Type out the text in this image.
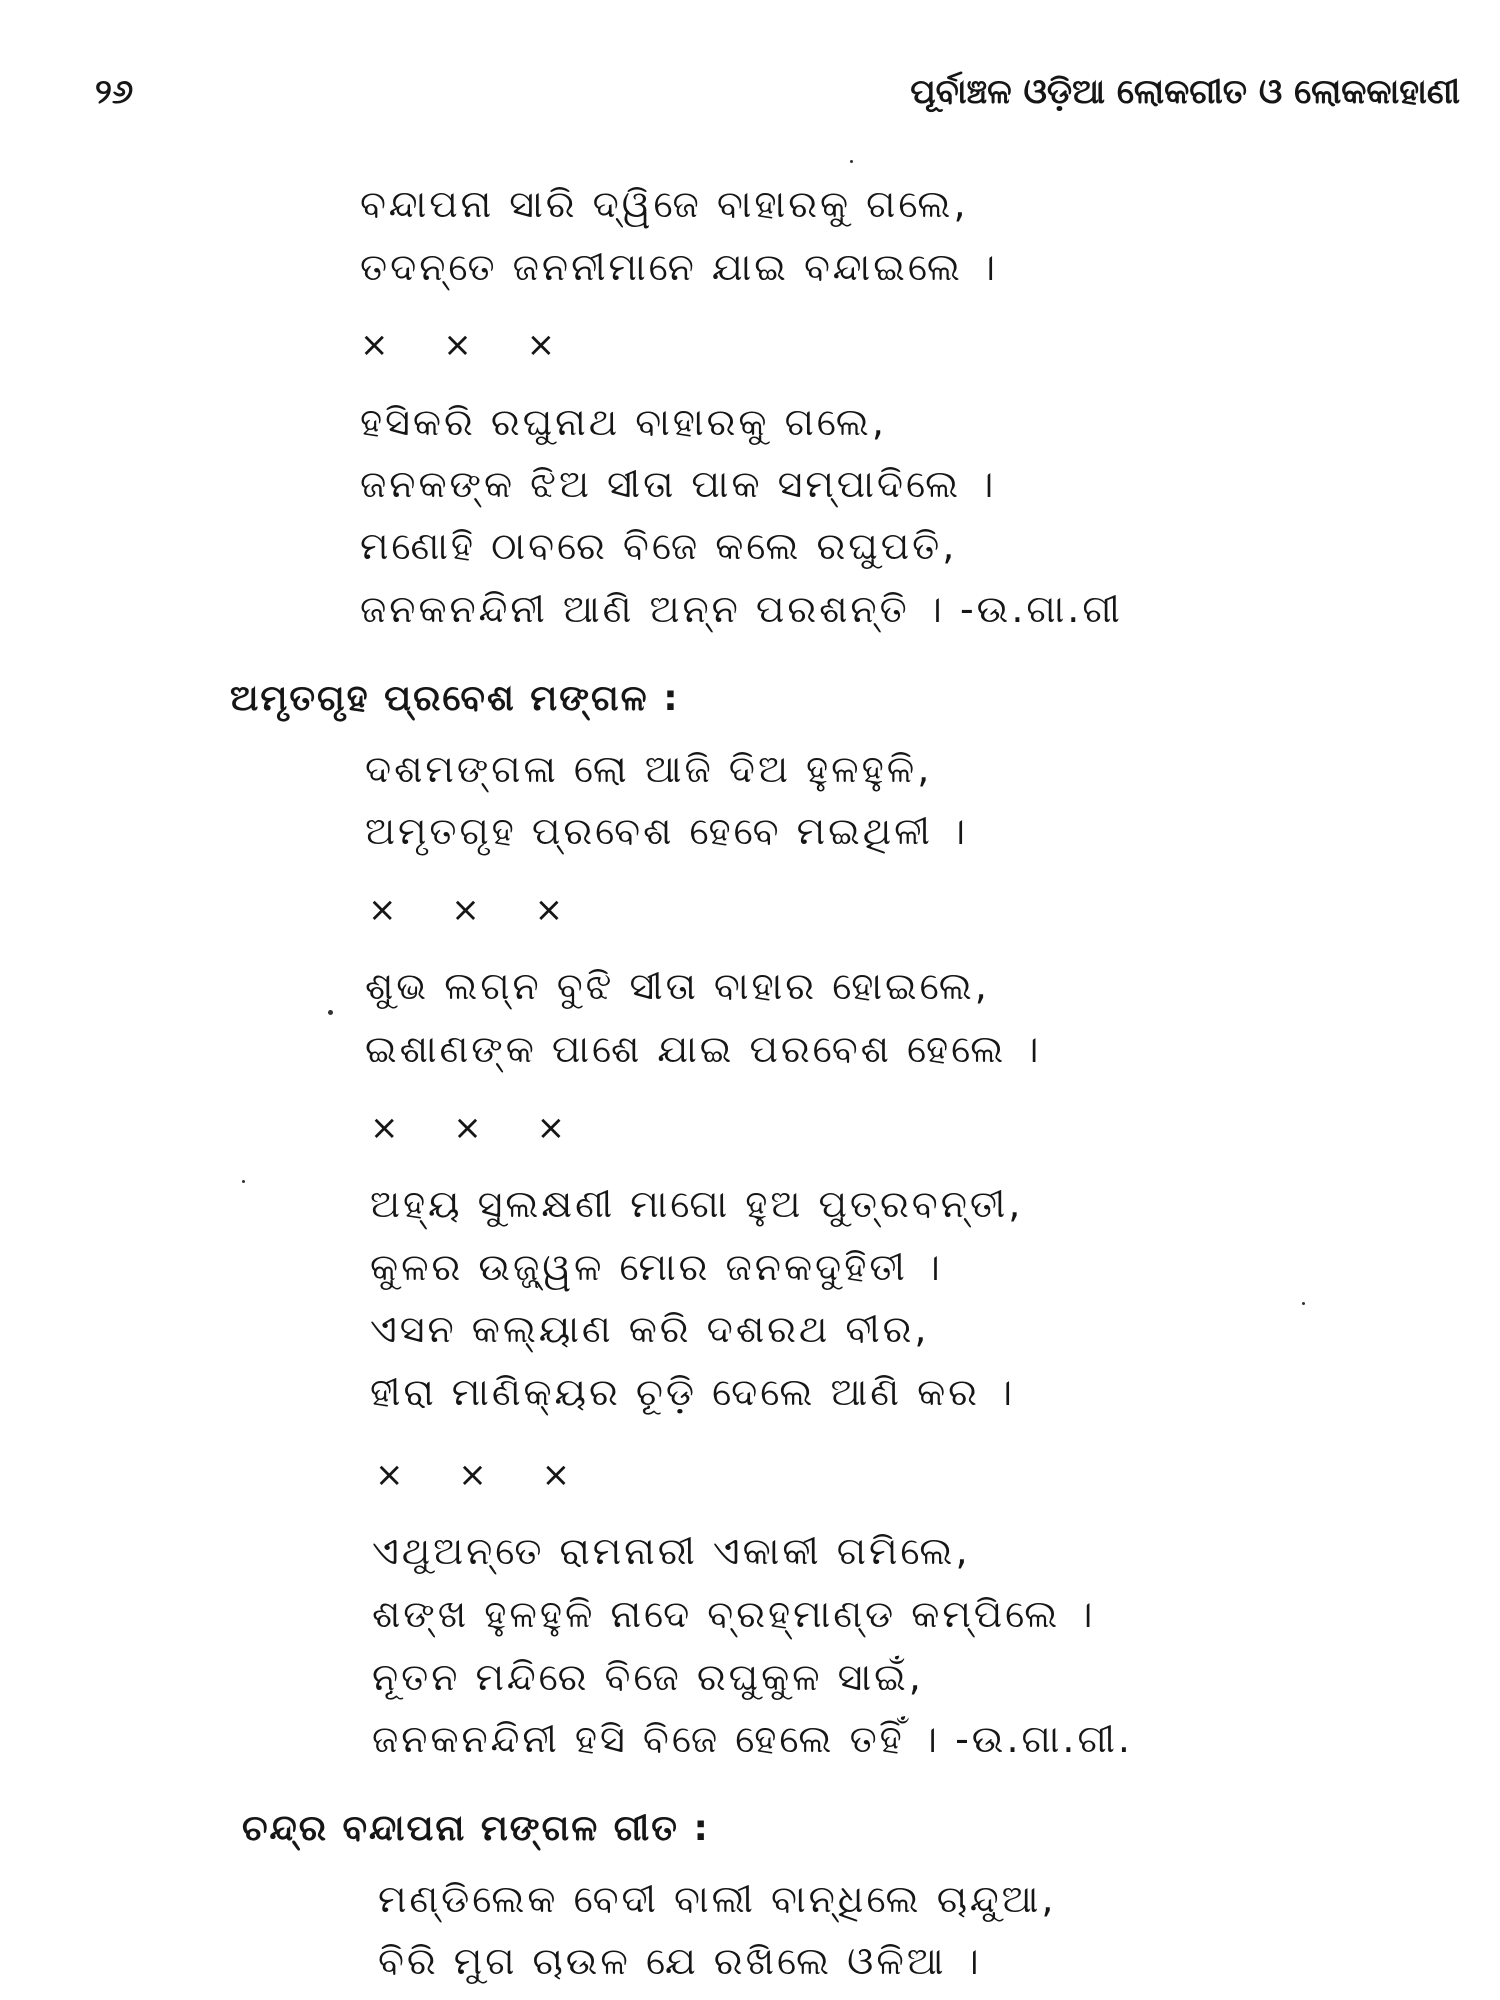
୨୬	ପୂର୍ବାଞ୍ଚଳ ଓଡ଼ିଆ ଲୋକଗୀତ ଓ ଲୋକକାହାଣୀ
ବନ୍ଦାପନା ସାରି ଦ୍ୱିଜେ ବାହାରକୁ ଗଲେ,
ତଦନ୍ତେ ଜନନୀମାନେ ଯାଇ ବନ୍ଦାଇଲେ ।
× × ×
ହସିକରି ରଘୁନାଥ ବାହାରକୁ ଗଲେ,
ଜନକଙ୍କ ଝିଅ ସୀତା ପାକ ସମ୍ପାଦିଲେ ।
ମଣୋହି ଠାବରେ ବିଜେ କଲେ ରଘୁପତି,
ଜନକନନ୍ଦିନୀ ଆଣି ଅନ୍ନ ପରଶନ୍ତି । -ଉ.ଗା.ଗୀ
ଅମୃତଗୃହ ପ୍ରବେଶ ମଙ୍ଗଳ :
ଦଶମଙ୍ଗଳା ଲୋ ଆଜି ଦିଅ ହୁଳହୁଳି,
ଅମୃତଗୃହ ପ୍ରବେଶ ହେବେ ମଇଥିଳୀ ।
× × ×
ଶୁଭ ଲଗ୍ନ ବୁଝି ସୀତା ବାହାର ହୋଇଲେ,
ଇଶାଣଙ୍କ ପାଶେ ଯାଇ ପରବେଶ ହେଲେ ।
× × ×
ଅହ୍ୟ ସୁଲକ୍ଷଣୀ ମାଗୋ ହୁଅ ପୁତ୍ରବନ୍ତୀ,
କୁଳର ଉଜ୍ଜ୍ୱଳ ମୋର ଜନକଦୁହିତୀ ।
ଏସନ କଲ୍ୟାଣ କରି ଦଶରଥ ବୀର,
ହୀରା ମାଣିକ୍ୟର ଚୂଡ଼ି ଦେଲେ ଆଣି କର ।
× × ×
ଏଥୁଅନ୍ତେ ରାମନାରୀ ଏକାକୀ ଗମିଲେ,
ଶଙ୍ଖ ହୁଳହୁଳି ନାଦେ ବ୍ରହ୍ମାଣ୍ଡ କମ୍ପିଲେ ।
ନୂତନ ମନ୍ଦିରେ ବିଜେ ରଘୁକୁଳ ସାଇଁ,
ଜନକନନ୍ଦିନୀ ହସି ବିଜେ ହେଲେ ତହିଁ । -ଉ.ଗା.ଗୀ.
ଚନ୍ଦ୍ର ବନ୍ଦାପନା ମଙ୍ଗଳ ଗୀତ :
ମଣ୍ଡିଲେକ ବେଦୀ ବାଲୀ ବାନ୍ଧିଲେ ଚାନ୍ଦୁଆ,
ବିରି ମୁଗ ଚାଉଳ ଯେ ରଖିଲେ ଓଳିଆ ।
